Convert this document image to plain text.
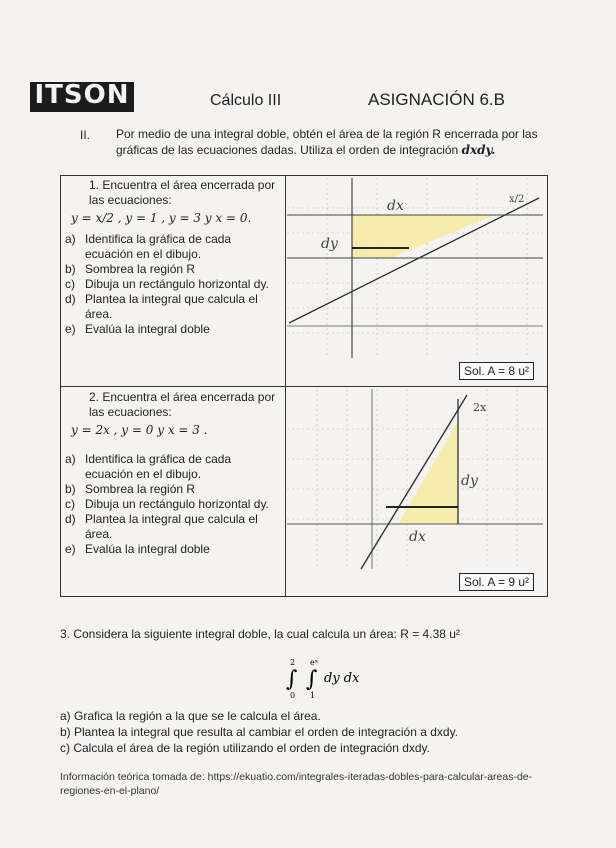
ITSON
	Cálculo III	ASIGNACIÓN 6.B
II. Por medio de una integral doble, obtén el área de la región R encerrada por las gráficas de las ecuaciones dadas. Utiliza el orden de integración dxdy.

1. Encuentra el área encerrada por las ecuaciones:

y = x/2 , y = 1 , y = 3 y x = 0.

a) Identifica la gráfica de cada ecuación en el dibujo.
b) Sombrea la región R
c) Dibuja un rectángulo horizontal dy.
d) Plantea la integral que calcula el área.
e) Evalúa la integral doble
dx
dy
x/2
Sol. A = 8 u²

2. Encuentra el área encerrada por las ecuaciones:

y = 2x , y = 0 y x = 3 .

a) Identifica la gráfica de cada ecuación en el dibujo.
b) Sombrea la región R
c) Dibuja un rectángulo horizontal dy.
d) Plantea la integral que calcula el área.
e) Evalúa la integral doble
dx
dy
2x
Sol. A = 9 u²
3. Considera la siguiente integral doble, la cual calcula un área: R = 4.38 u²
2
∫
0
eˣ
∫
1
dy dx
a) Grafica la región a la que se le calcula el área.
b) Plantea la integral que resulta al cambiar el orden de integración a dxdy.
c) Calcula el área de la región utilizando el orden de integración dxdy.
Información teórica tomada de: https://ekuatio.com/integrales-iteradas-dobles-para-calcular-areas-de-regiones-en-el-plano/
